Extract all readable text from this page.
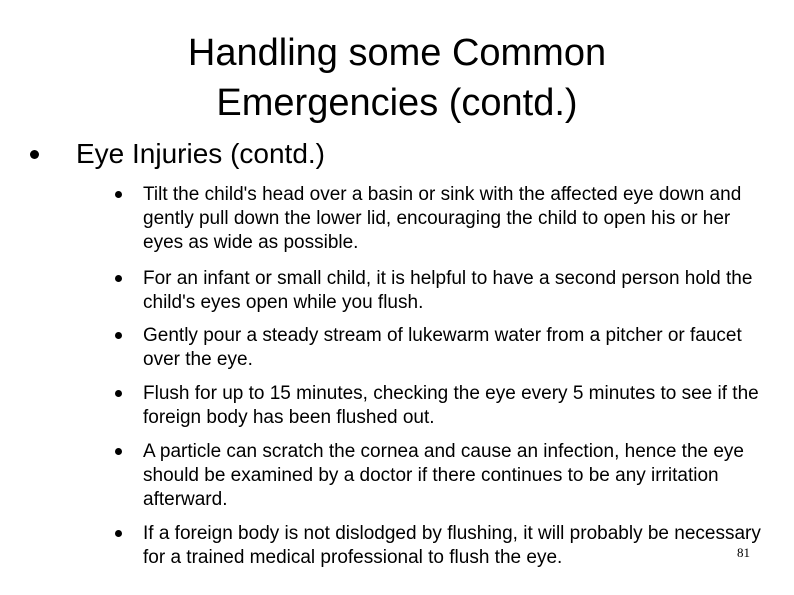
Handling some Common
Emergencies (contd.)
Eye Injuries (contd.)
Tilt the child's head over a basin or sink with the affected eye down and gently pull down the lower lid, encouraging the child to open his or her eyes as wide as possible.
For an infant or small child, it is helpful to have a second person hold the child's eyes open while you flush.
Gently pour a steady stream of lukewarm water from a pitcher or faucet over the eye.
Flush for up to 15 minutes, checking the eye every 5 minutes to see if the foreign body has been flushed out.
A particle can scratch the cornea and cause an infection, hence the eye should be examined by a doctor if there continues to be any irritation afterward.
If a foreign body is not dislodged by flushing, it will probably be necessary for a trained medical professional to flush the eye.	81
